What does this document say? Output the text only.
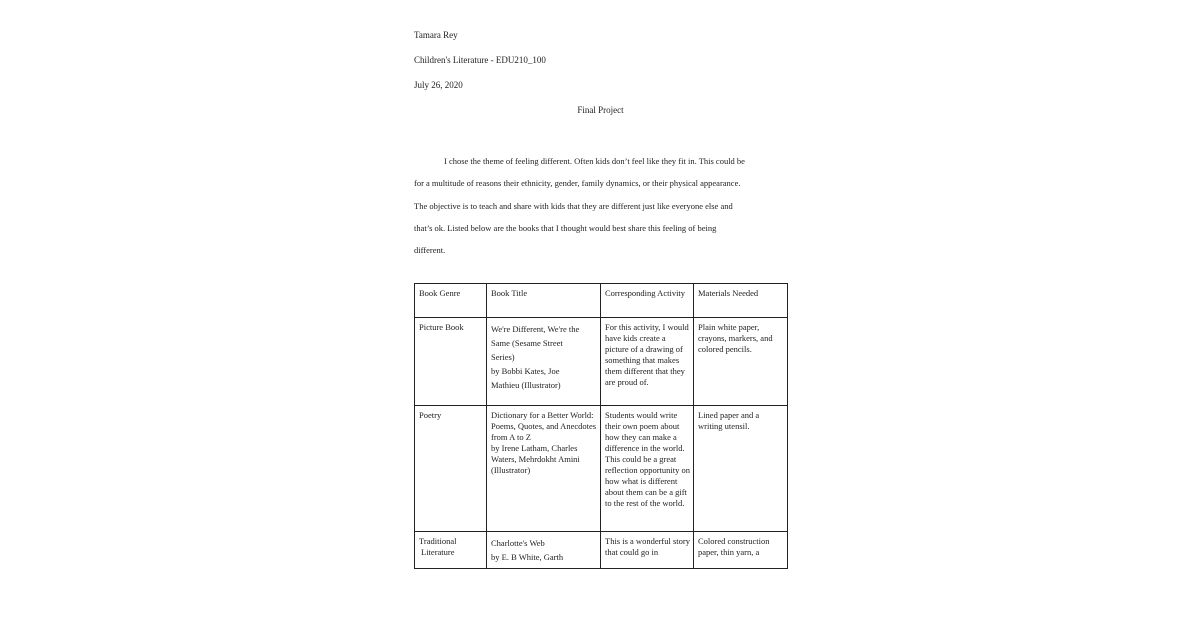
Tamara Rey
Children's Literature - EDU210_100
July 26, 2020
Final Project

I chose the theme of feeling different. Often kids don’t feel like they fit in. This could be
for a multitude of reasons their ethnicity, gender, family dynamics, or their physical appearance.
The objective is to teach and share with kids that they are different just like everyone else and
that’s ok. Listed below are the books that I thought would best share this feeling of being
different.

Book Genre	Book Title	Corresponding Activity	Materials Needed
Picture Book	We're Different, We're the
Same (Sesame Street
Series)
by Bobbi Kates, Joe
Mathieu (Illustrator)	For this activity, I would have kids create a picture of a drawing of something that makes them different that they are proud of.	Plain white paper, crayons, markers, and colored pencils.
Poetry	Dictionary for a Better World: Poems, Quotes, and Anecdotes from A to Z
by Irene Latham, Charles Waters, Mehrdokht Amini (Illustrator)	Students would write their own poem about how they can make a difference in the world. This could be a great reflection opportunity on how what is different about them can be a gift to the rest of the world.	Lined paper and a writing utensil.

Traditional
Literature	Charlotte's Web
by E. B White, Garth	This is a wonderful story that could go in	Colored construction paper, thin yarn, a
